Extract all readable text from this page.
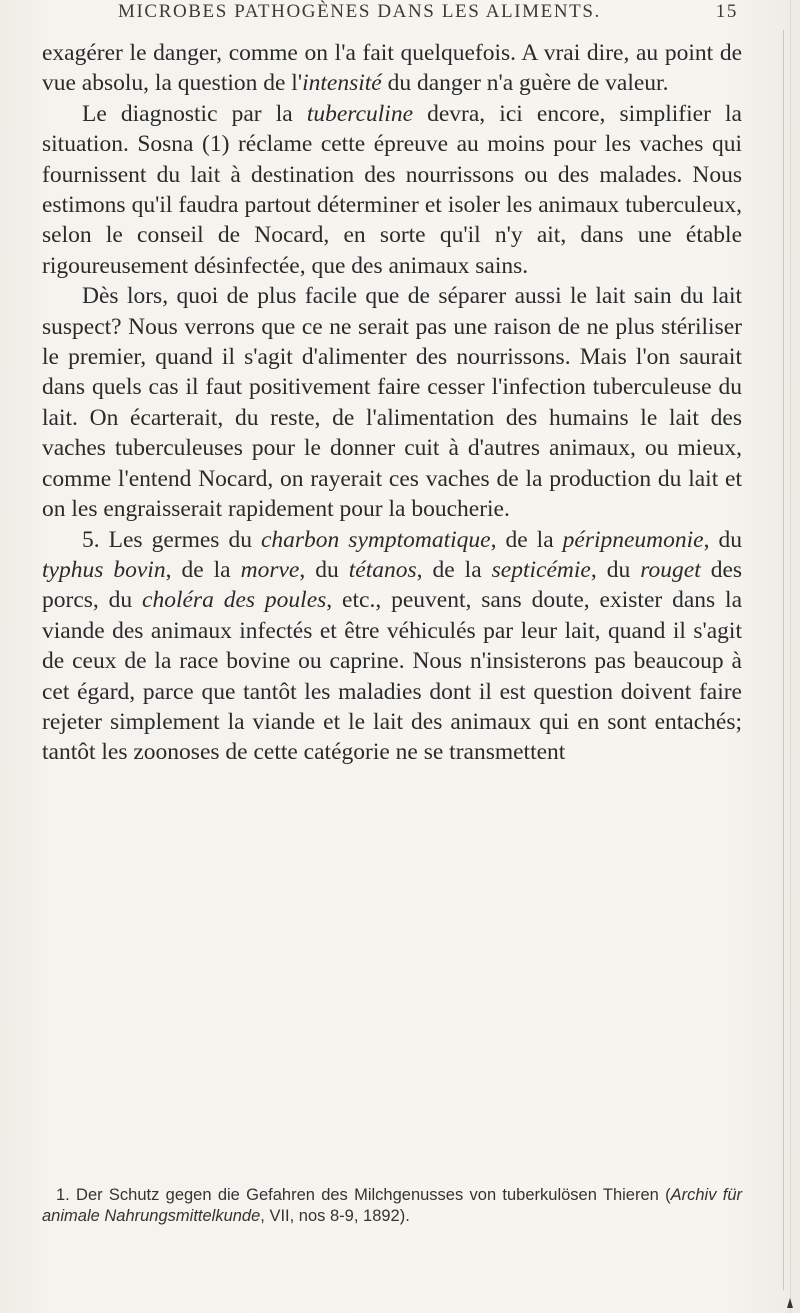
MICROBES PATHOGÈNES DANS LES ALIMENTS.	15

exagérer le danger, comme on l'a fait quelquefois. A vrai dire, au point de vue absolu, la question de l'intensité du danger n'a guère de valeur.

Le diagnostic par la tuberculine devra, ici encore, simplifier la situation. Sosna (1) réclame cette épreuve au moins pour les vaches qui fournissent du lait à destination des nourrissons ou des malades. Nous estimons qu'il faudra partout déterminer et isoler les animaux tuberculeux, selon le conseil de Nocard, en sorte qu'il n'y ait, dans une étable rigoureusement désinfectée, que des animaux sains.

Dès lors, quoi de plus facile que de séparer aussi le lait sain du lait suspect? Nous verrons que ce ne serait pas une raison de ne plus stériliser le premier, quand il s'agit d'alimenter des nourrissons. Mais l'on saurait dans quels cas il faut positivement faire cesser l'infection tuberculeuse du lait. On écarterait, du reste, de l'alimentation des humains le lait des vaches tuberculeuses pour le donner cuit à d'autres animaux, ou mieux, comme l'entend Nocard, on rayerait ces vaches de la production du lait et on les engraisserait rapidement pour la boucherie.

5. Les germes du charbon symptomatique, de la péripneumonie, du typhus bovin, de la morve, du tétanos, de la septicémie, du rouget des porcs, du choléra des poules, etc., peuvent, sans doute, exister dans la viande des animaux infectés et être véhiculés par leur lait, quand il s'agit de ceux de la race bovine ou caprine. Nous n'insisterons pas beaucoup à cet égard, parce que tantôt les maladies dont il est question doivent faire rejeter simplement la viande et le lait des animaux qui en sont entachés; tantôt les zoonoses de cette catégorie ne se transmettent

1. Der Schutz gegen die Gefahren des Milchgenusses von tuberkulösen Thieren (Archiv für animale Nahrungsmittelkunde, VII, nos 8-9, 1892).
